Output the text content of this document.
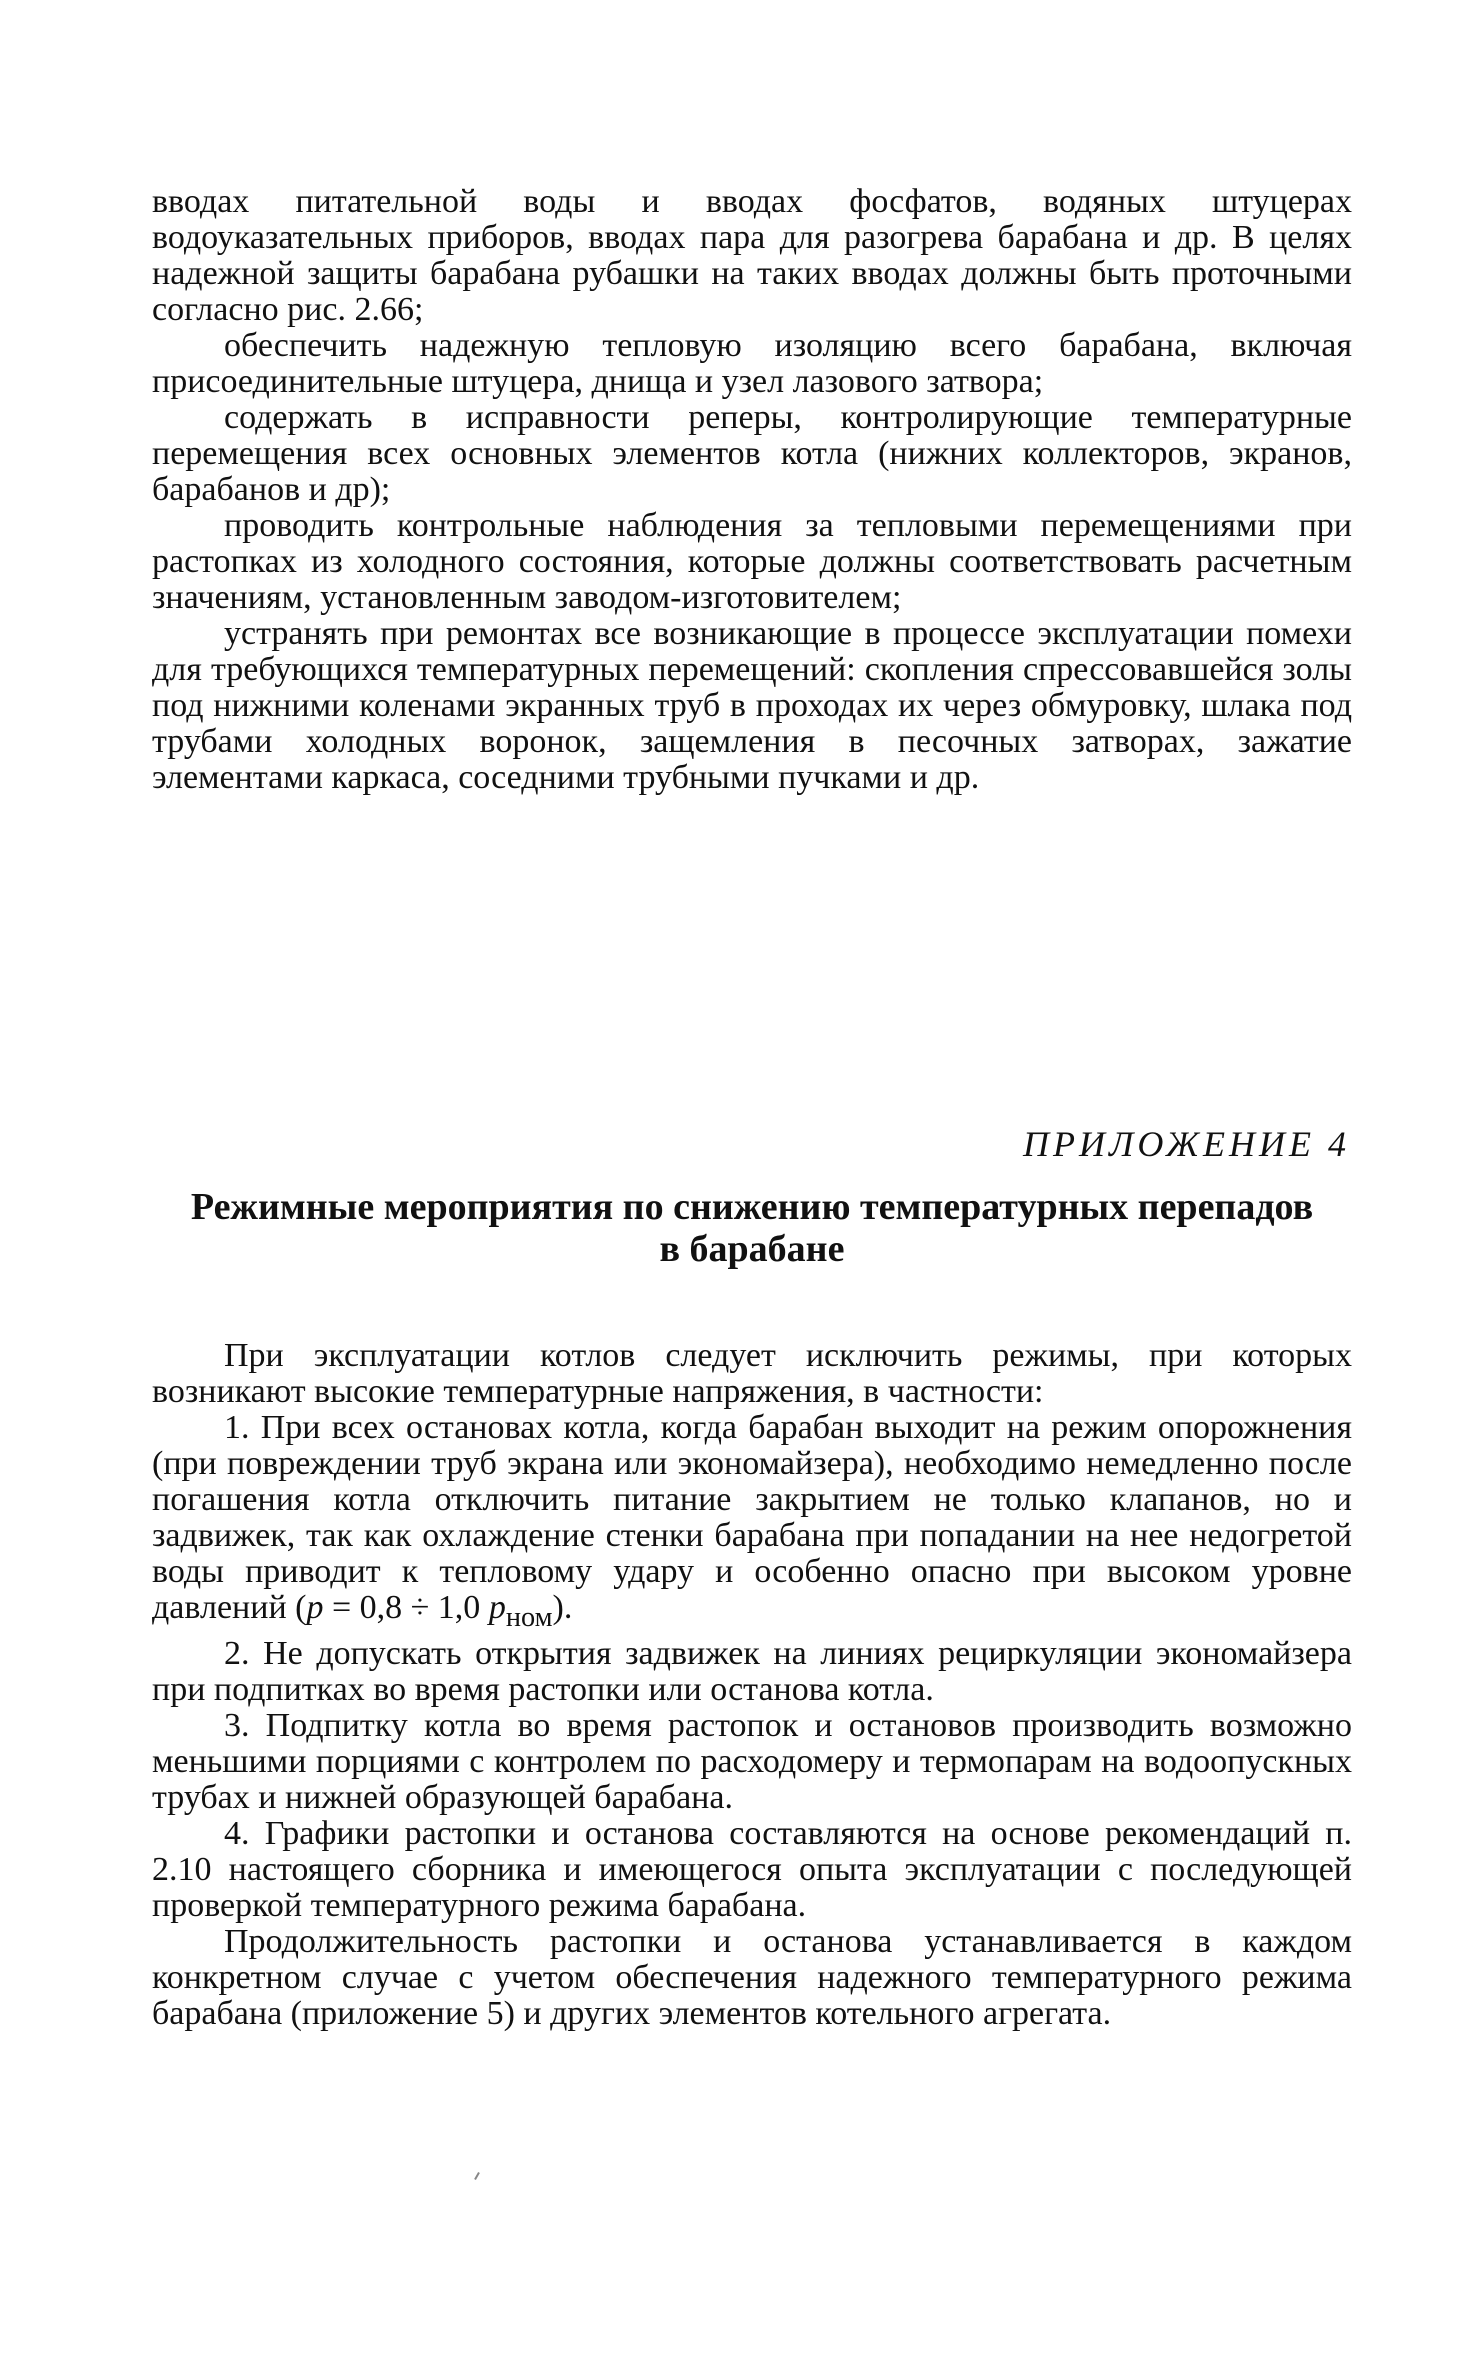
вводах питательной воды и вводах фосфатов, водяных штуцерах водоуказательных приборов, вводах пара для разогрева барабана и др. В целях надежной защиты барабана рубашки на таких вводах должны быть проточными согласно рис. 2.66;

обеспечить надежную тепловую изоляцию всего барабана, включая присоединительные штуцера, днища и узел лазового затвора;

содержать в исправности реперы, контролирующие температурные перемещения всех основных элементов котла (нижних коллекторов, экранов, барабанов и др);

проводить контрольные наблюдения за тепловыми перемещениями при растопках из холодного состояния, которые должны соответствовать расчетным значениям, установленным заводом-изготовителем;

устранять при ремонтах все возникающие в процессе эксплуатации помехи для требующихся температурных перемещений: скопления спрессовавшейся золы под нижними коленами экранных труб в проходах их через обмуровку, шлака под трубами холодных воронок, защемления в песочных затворах, зажатие элементами каркаса, соседними трубными пучками и др.

ПРИЛОЖЕНИЕ 4
Режимные мероприятия по снижению температурных перепадов
в барабане

При эксплуатации котлов следует исключить режимы, при которых возникают высокие температурные напряжения, в частности:

1. При всех остановах котла, когда барабан выходит на режим опорожнения (при повреждении труб экрана или экономайзера), необходимо немедленно после погашения котла отключить питание закрытием не только клапанов, но и задвижек, так как охлаждение стенки барабана при попадании на нее недогретой воды приводит к тепловому удару и особенно опасно при высоком уровне давлений (p = 0,8 ÷ 1,0 $p_{ном}$).

2. Не допускать открытия задвижек на линиях рециркуляции экономайзера при подпитках во время растопки или останова котла.

3. Подпитку котла во время растопок и остановов производить возможно меньшими порциями с контролем по расходомеру и термопарам на водоопускных трубах и нижней образующей барабана.

4. Графики растопки и останова составляются на основе рекомендаций п. 2.10 настоящего сборника и имеющегося опыта эксплуатации с последующей проверкой температурного режима барабана.

Продолжительность растопки и останова устанавливается в каждом конкретном случае с учетом обеспечения надежного температурного режима барабана (приложение 5) и других элементов котельного агрегата.
